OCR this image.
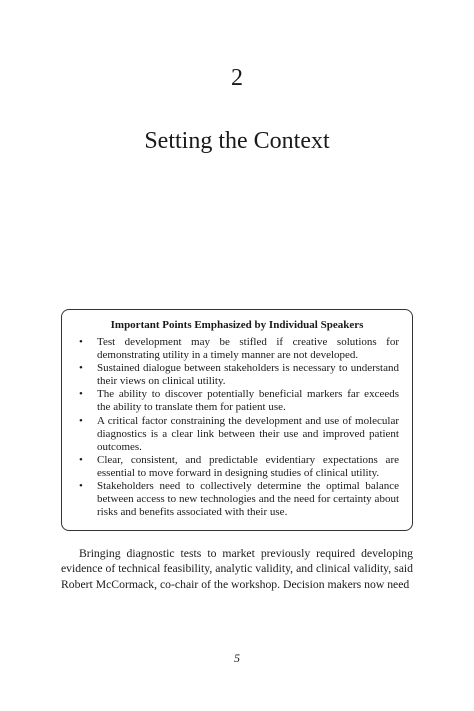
2
Setting the Context
Important Points Emphasized by Individual Speakers
• Test development may be stifled if creative solutions for demonstrating utility in a timely manner are not developed.
• Sustained dialogue between stakeholders is necessary to understand their views on clinical utility.
• The ability to discover potentially beneficial markers far exceeds the ability to translate them for patient use.
• A critical factor constraining the development and use of molecular diagnostics is a clear link between their use and improved patient outcomes.
• Clear, consistent, and predictable evidentiary expectations are essential to move forward in designing studies of clinical utility.
• Stakeholders need to collectively determine the optimal balance between access to new technologies and the need for certainty about risks and benefits associated with their use.

Bringing diagnostic tests to market previously required developing evidence of technical feasibility, analytic validity, and clinical validity, said Robert McCormack, co-chair of the workshop. Decision makers now need

5
